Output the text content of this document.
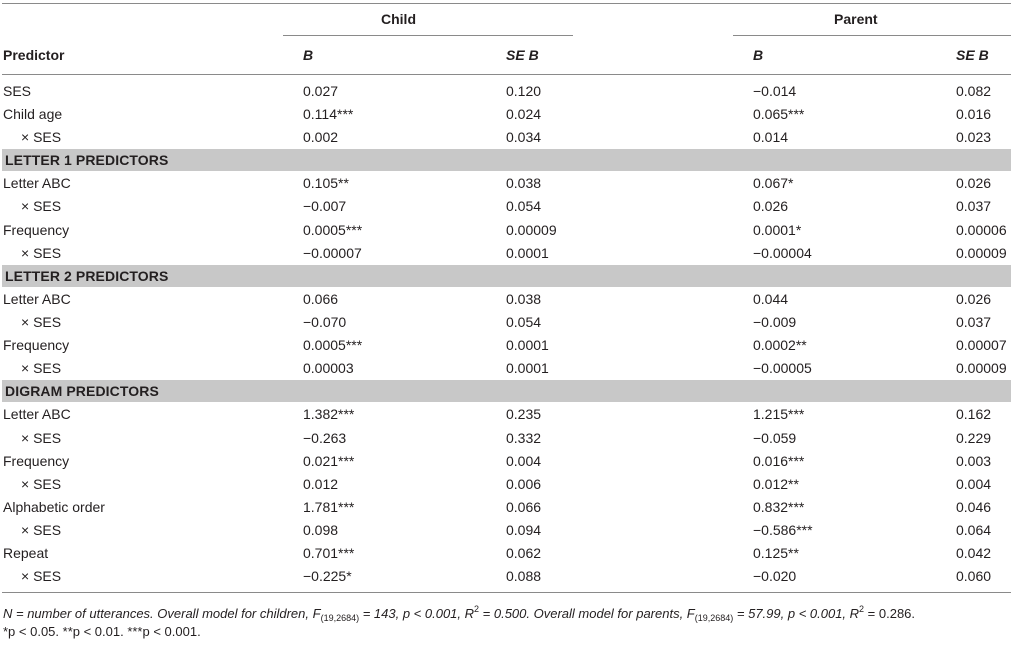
Child	Parent
Predictor	B	SE B	B	SE B
SES	0.027	0.120	−0.014	0.082
Child age	0.114***	0.024	0.065***	0.016
× SES	0.002	0.034	0.014	0.023
LETTER 1 PREDICTORS
Letter ABC	0.105**	0.038	0.067*	0.026
× SES	−0.007	0.054	0.026	0.037
Frequency	0.0005***	0.00009	0.0001*	0.00006
× SES	−0.00007	0.0001	−0.00004	0.00009
LETTER 2 PREDICTORS
Letter ABC	0.066	0.038	0.044	0.026
× SES	−0.070	0.054	−0.009	0.037
Frequency	0.0005***	0.0001	0.0002**	0.00007
× SES	0.00003	0.0001	−0.00005	0.00009
DIGRAM PREDICTORS
Letter ABC	1.382***	0.235	1.215***	0.162
× SES	−0.263	0.332	−0.059	0.229
Frequency	0.021***	0.004	0.016***	0.003
× SES	0.012	0.006	0.012**	0.004
Alphabetic order	1.781***	0.066	0.832***	0.046
× SES	0.098	0.094	−0.586***	0.064
Repeat	0.701***	0.062	0.125**	0.042
× SES	−0.225*	0.088	−0.020	0.060
N = number of utterances. Overall model for children, $F_{(19,2684)} = 143$, p < 0.001, $R^2 = 0.500$. Overall model for parents, $F_{(19,2684)} = 57.99$, p < 0.001, $R^2 = 0.286$.
*p < 0.05. **p < 0.01. ***p < 0.001.
